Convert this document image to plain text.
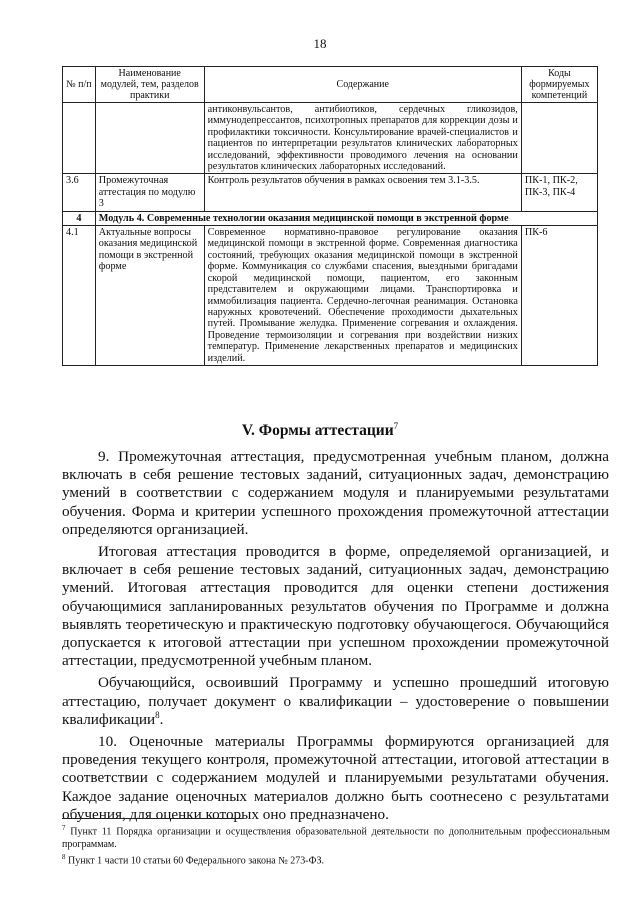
18
№ п/п	Наименование модулей, тем, разделов практики	Содержание	Коды формируемых компетенций
		антиконвульсантов, антибиотиков, сердечных гликозидов, иммунодепрессантов, психотропных препаратов для коррекции дозы и профилактики токсичности. Консультирование врачей-специалистов и пациентов по интерпретации результатов клинических лабораторных исследований, эффективности проводимого лечения на основании результатов клинических лабораторных исследований.	
3.6	Промежуточная аттестация по модулю 3	Контроль результатов обучения в рамках освоения тем 3.1-3.5.	ПК-1, ПК-2, ПК-3, ПК-4
4	Модуль 4. Современные технологии оказания медицинской помощи в экстренной форме		
4.1	Актуальные вопросы оказания медицинской помощи в экстренной форме	Современное нормативно-правовое регулирование оказания медицинской помощи в экстренной форме. Современная диагностика состояний, требующих оказания медицинской помощи в экстренной форме. Коммуникация со службами спасения, выездными бригадами скорой медицинской помощи, пациентом, его законным представителем и окружающими лицами. Транспортировка и иммобилизация пациента. Сердечно-легочная реанимация. Остановка наружных кровотечений. Обеспечение проходимости дыхательных путей. Промывание желудка. Применение согревания и охлаждения. Проведение термоизоляции и согревания при воздействии низких температур. Применение лекарственных препаратов и медицинских изделий.	ПК-6
V. Формы аттестации$^7$

9. Промежуточная аттестация, предусмотренная учебным планом, должна включать в себя решение тестовых заданий, ситуационных задач, демонстрацию умений в соответствии с содержанием модуля и планируемыми результатами обучения. Форма и критерии успешного прохождения промежуточной аттестации определяются организацией.

Итоговая аттестация проводится в форме, определяемой организацией, и включает в себя решение тестовых заданий, ситуационных задач, демонстрацию умений. Итоговая аттестация проводится для оценки степени достижения обучающимися запланированных результатов обучения по Программе и должна выявлять теоретическую и практическую подготовку обучающегося. Обучающийся допускается к итоговой аттестации при успешном прохождении промежуточной аттестации, предусмотренной учебным планом.

Обучающийся, освоивший Программу и успешно прошедший итоговую аттестацию, получает документ о квалификации – удостоверение о повышении квалификации$^8$.

10. Оценочные материалы Программы формируются организацией для проведения текущего контроля, промежуточной аттестации, итоговой аттестации в соответствии с содержанием модулей и планируемыми результатами обучения. Каждое задание оценочных материалов должно быть соотнесено с результатами обучения, для оценки которых оно предназначено.

$^7$ Пункт 11 Порядка организации и осуществления образовательной деятельности по дополнительным профессиональным программам.

$^8$ Пункт 1 части 10 статьи 60 Федерального закона № 273-ФЗ.
